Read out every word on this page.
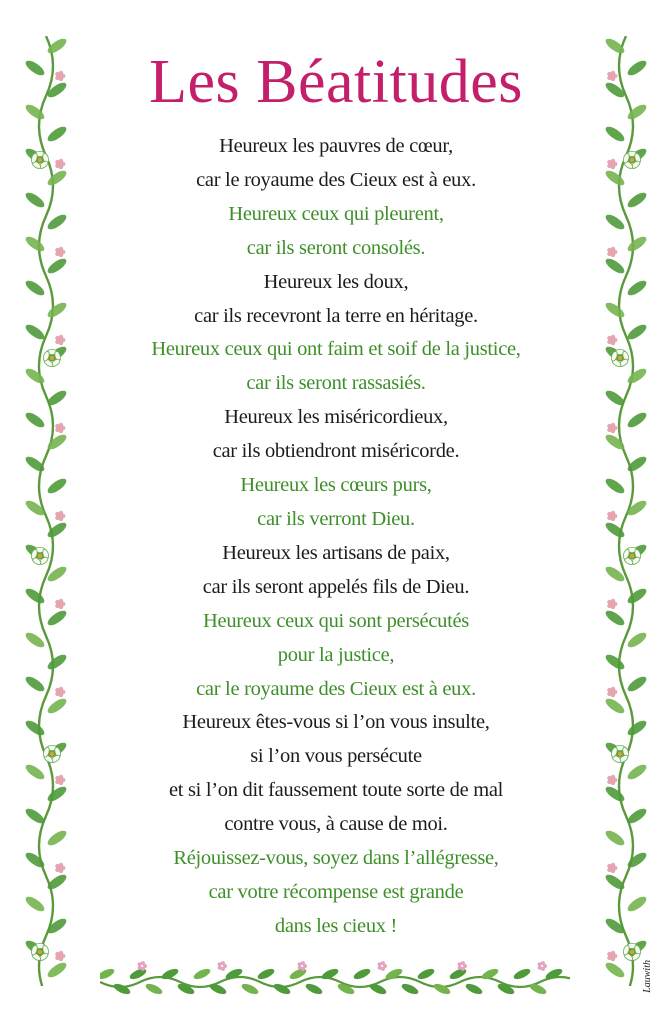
Les Béatitudes
Heureux les pauvres de cœur,
car le royaume des Cieux est à eux.
Heureux ceux qui pleurent,
car ils seront consolés.
Heureux les doux,
car ils recevront la terre en héritage.
Heureux ceux qui ont faim et soif de la justice,
car ils seront rassasiés.
Heureux les miséricordieux,
car ils obtiendront miséricorde.
Heureux les cœurs purs,
car ils verront Dieu.
Heureux les artisans de paix,
car ils seront appelés fils de Dieu.
Heureux ceux qui sont persécutés
pour la justice,
car le royaume des Cieux est à eux.
Heureux êtes-vous si l’on vous insulte,
si l’on vous persécute
et si l’on dit faussement toute sorte de mal
contre vous, à cause de moi.
Réjouissez-vous, soyez dans l’allégresse,
car votre récompense est grande
dans les cieux !
Lauwith
